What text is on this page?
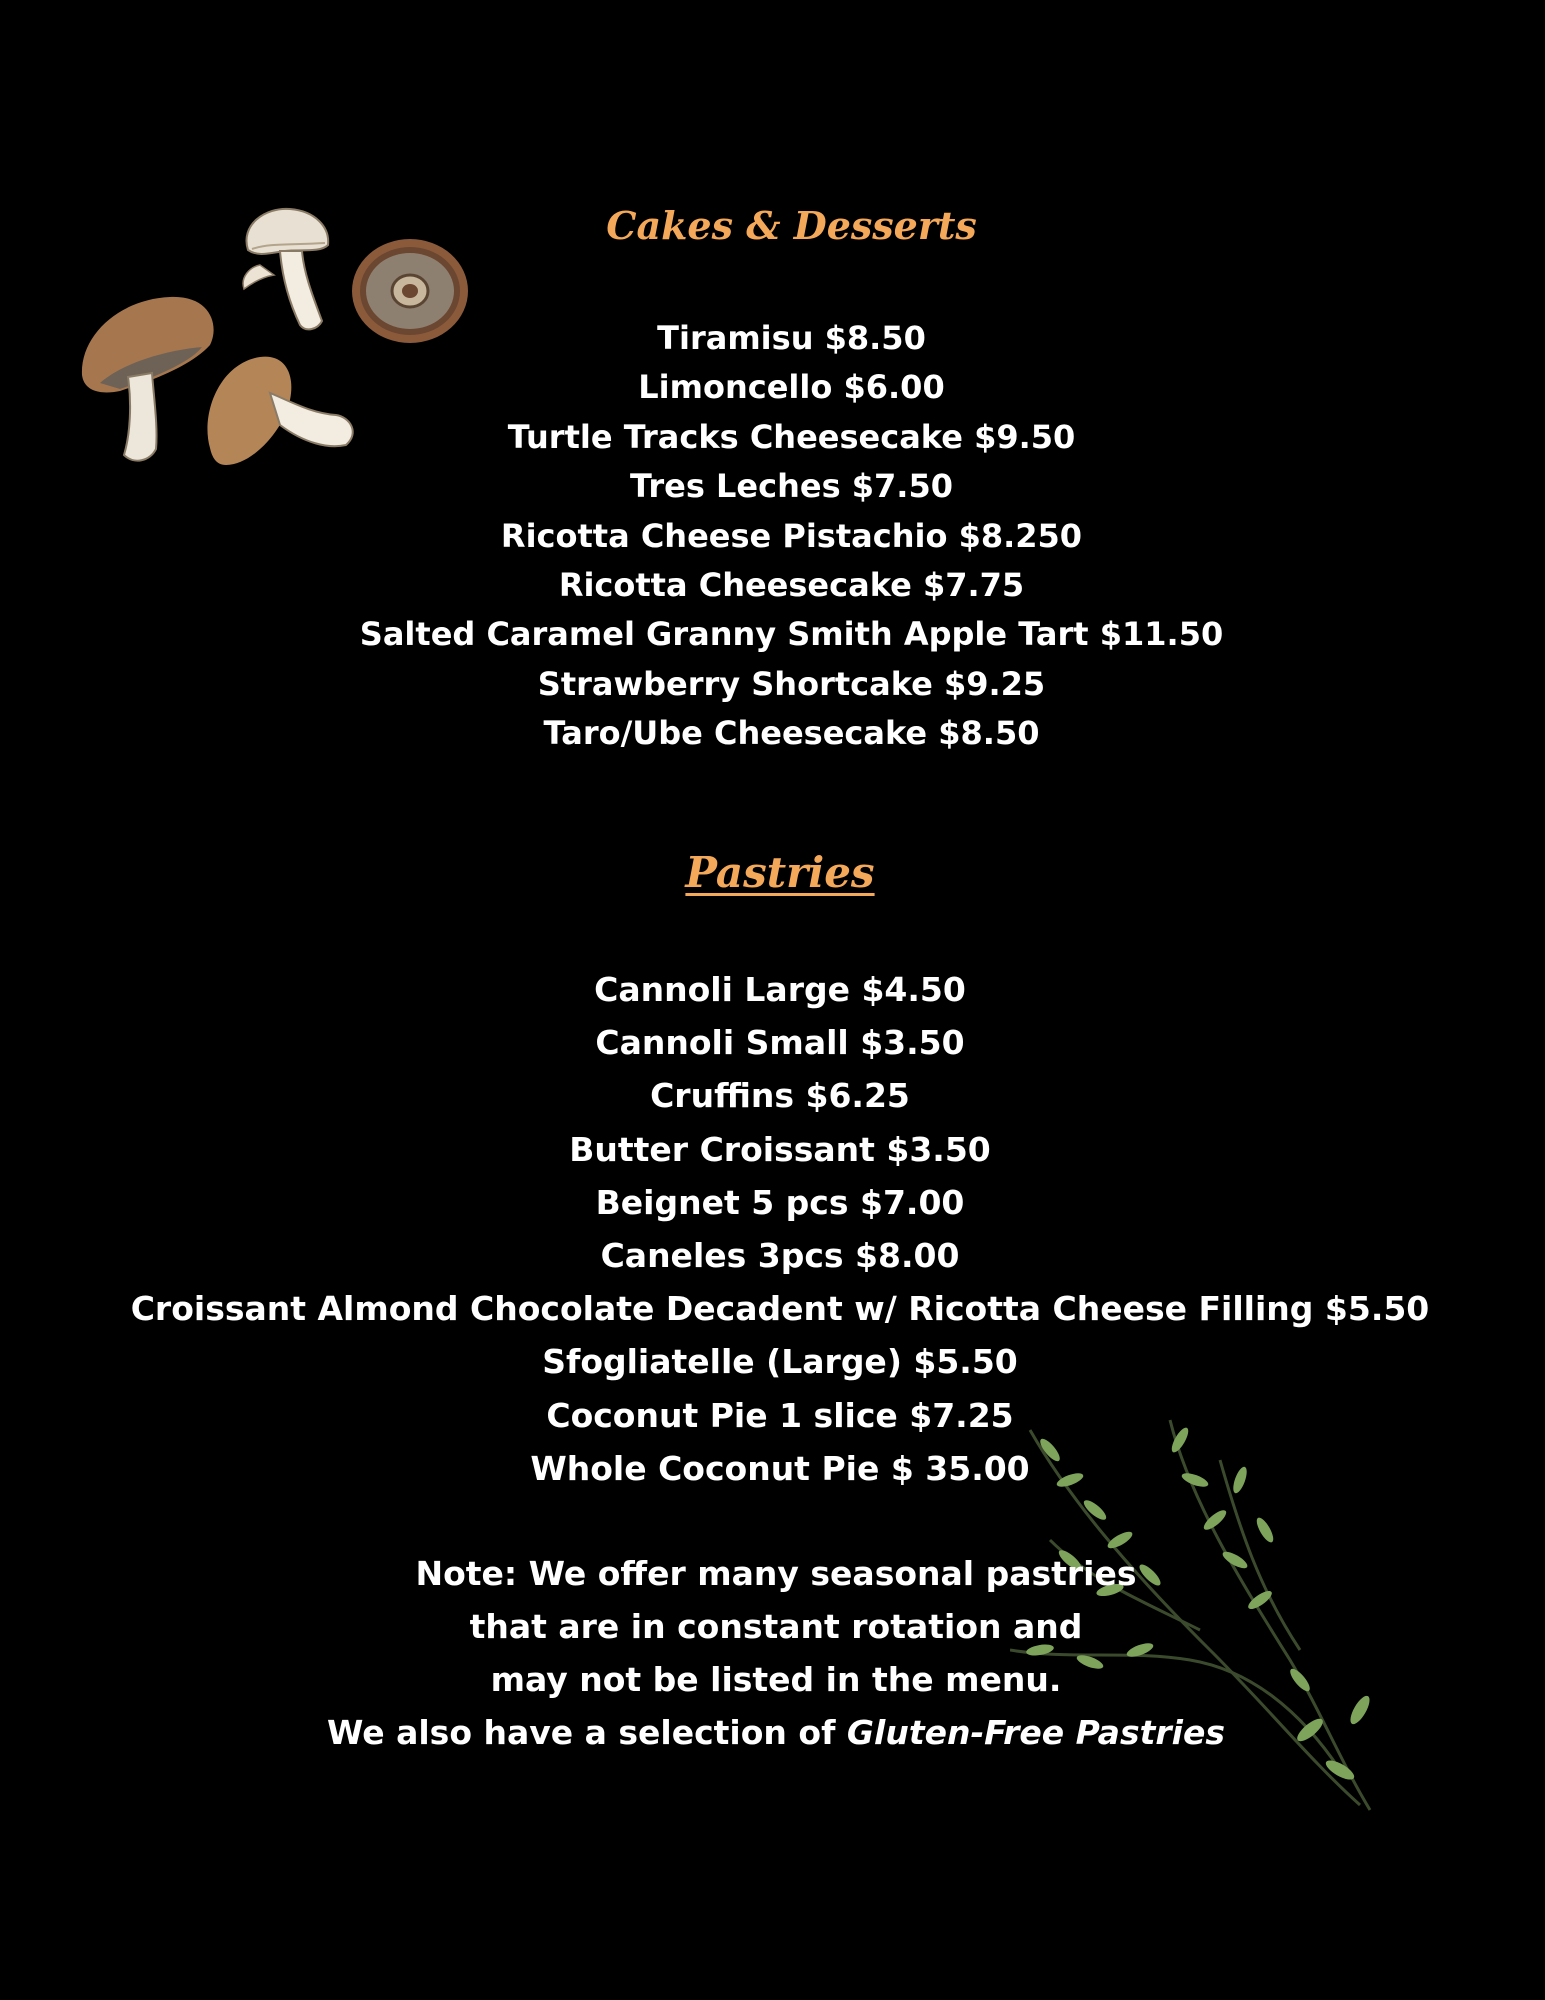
Cakes & Desserts
Tiramisu $8.50
Limoncello $6.00
Turtle Tracks Cheesecake $9.50
Tres Leches $7.50
Ricotta Cheese Pistachio $8.250
Ricotta Cheesecake $7.75
Salted Caramel Granny Smith Apple Tart $11.50
Strawberry Shortcake $9.25
Taro/Ube Cheesecake $8.50
Pastries
Cannoli Large $4.50
Cannoli Small $3.50
Cruffins $6.25
Butter Croissant $3.50
Beignet 5 pcs $7.00
Caneles 3pcs $8.00
Croissant Almond Chocolate Decadent w/ Ricotta Cheese Filling $5.50
Sfogliatelle (Large) $5.50
Coconut Pie 1 slice $7.25
Whole Coconut Pie $ 35.00

Note: We offer many seasonal pastries
that are in constant rotation and
may not be listed in the menu.
We also have a selection of Gluten-Free Pastries
